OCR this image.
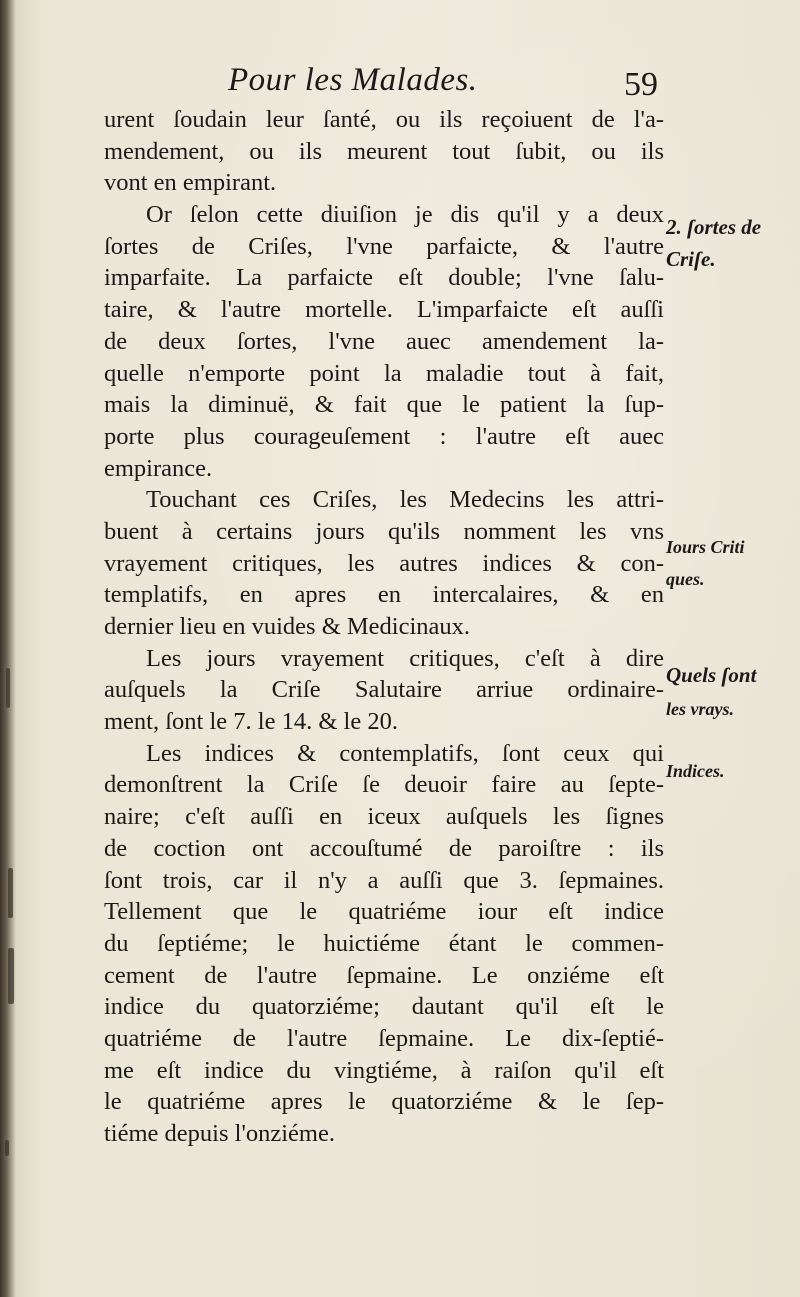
Pour les Malades.	59
urent ſoudain leur ſanté, ou ils reçoiuent de l'a-
mendement, ou ils meurent tout ſubit, ou ils
vont en empirant.
Or ſelon cette diuiſion je dis qu'il y a deux
ſortes de Criſes, l'vne parfaicte, & l'autre
imparfaite. La parfaicte eſt double; l'vne ſalu-
taire, & l'autre mortelle. L'imparfaicte eſt auſſi
de deux ſortes, l'vne auec amendement la-
quelle n'emporte point la maladie tout à fait,
mais la diminuë, & fait que le patient la ſup-
porte plus courageuſement : l'autre eſt auec
empirance.
Touchant ces Criſes, les Medecins les attri-
buent à certains jours qu'ils nomment les vns
vrayement critiques, les autres indices & con-
templatifs, en apres en intercalaires, & en
dernier lieu en vuides & Medicinaux.
Les jours vrayement critiques, c'eſt à dire
auſquels la Criſe Salutaire arriue ordinaire-
ment, ſont le 7. le 14. & le 20.
Les indices & contemplatifs, ſont ceux qui
demonſtrent la Criſe ſe deuoir faire au ſepte-
naire; c'eſt auſſi en iceux auſquels les ſignes
de coction ont accouſtumé de paroiſtre : ils
ſont trois, car il n'y a auſſi que 3. ſepmaines.
Tellement que le quatriéme iour eſt indice
du ſeptiéme; le huictiéme étant le commen-
cement de l'autre ſepmaine. Le onziéme eſt
indice du quatorziéme; dautant qu'il eſt le
quatriéme de l'autre ſepmaine. Le dix-ſeptié-
me eſt indice du vingtiéme, à raiſon qu'il eſt
le quatriéme apres le quatorziéme & le ſep-
tiéme depuis l'onziéme.
2. ſortes de
Criſe.
Iours Criti
ques.
Quels ſont
les vrays.
Indices.
